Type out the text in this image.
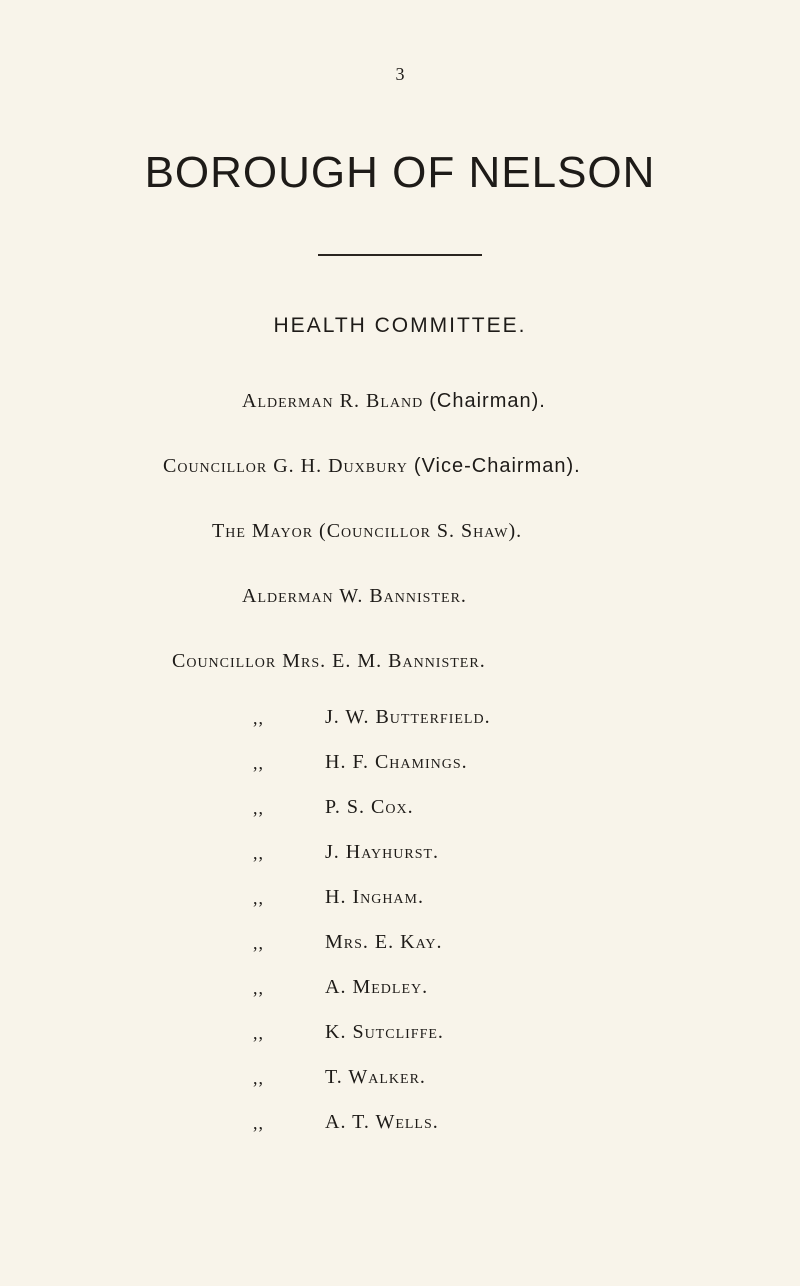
3
BOROUGH OF NELSON
HEALTH COMMITTEE.
Alderman R. Bland (Chairman).
Councillor G. H. Duxbury (Vice-Chairman).
The Mayor (Councillor S. Shaw).
Alderman W. Bannister.
Councillor Mrs. E. M. Bannister.
,,	J. W. Butterfield.
,,	H. F. Chamings.
,,	P. S. Cox.
,,	J. Hayhurst.
,,	H. Ingham.
,,	Mrs. E. Kay.
,,	A. Medley.
,,	K. Sutcliffe.
,,	T. Walker.
,,	A. T. Wells.
